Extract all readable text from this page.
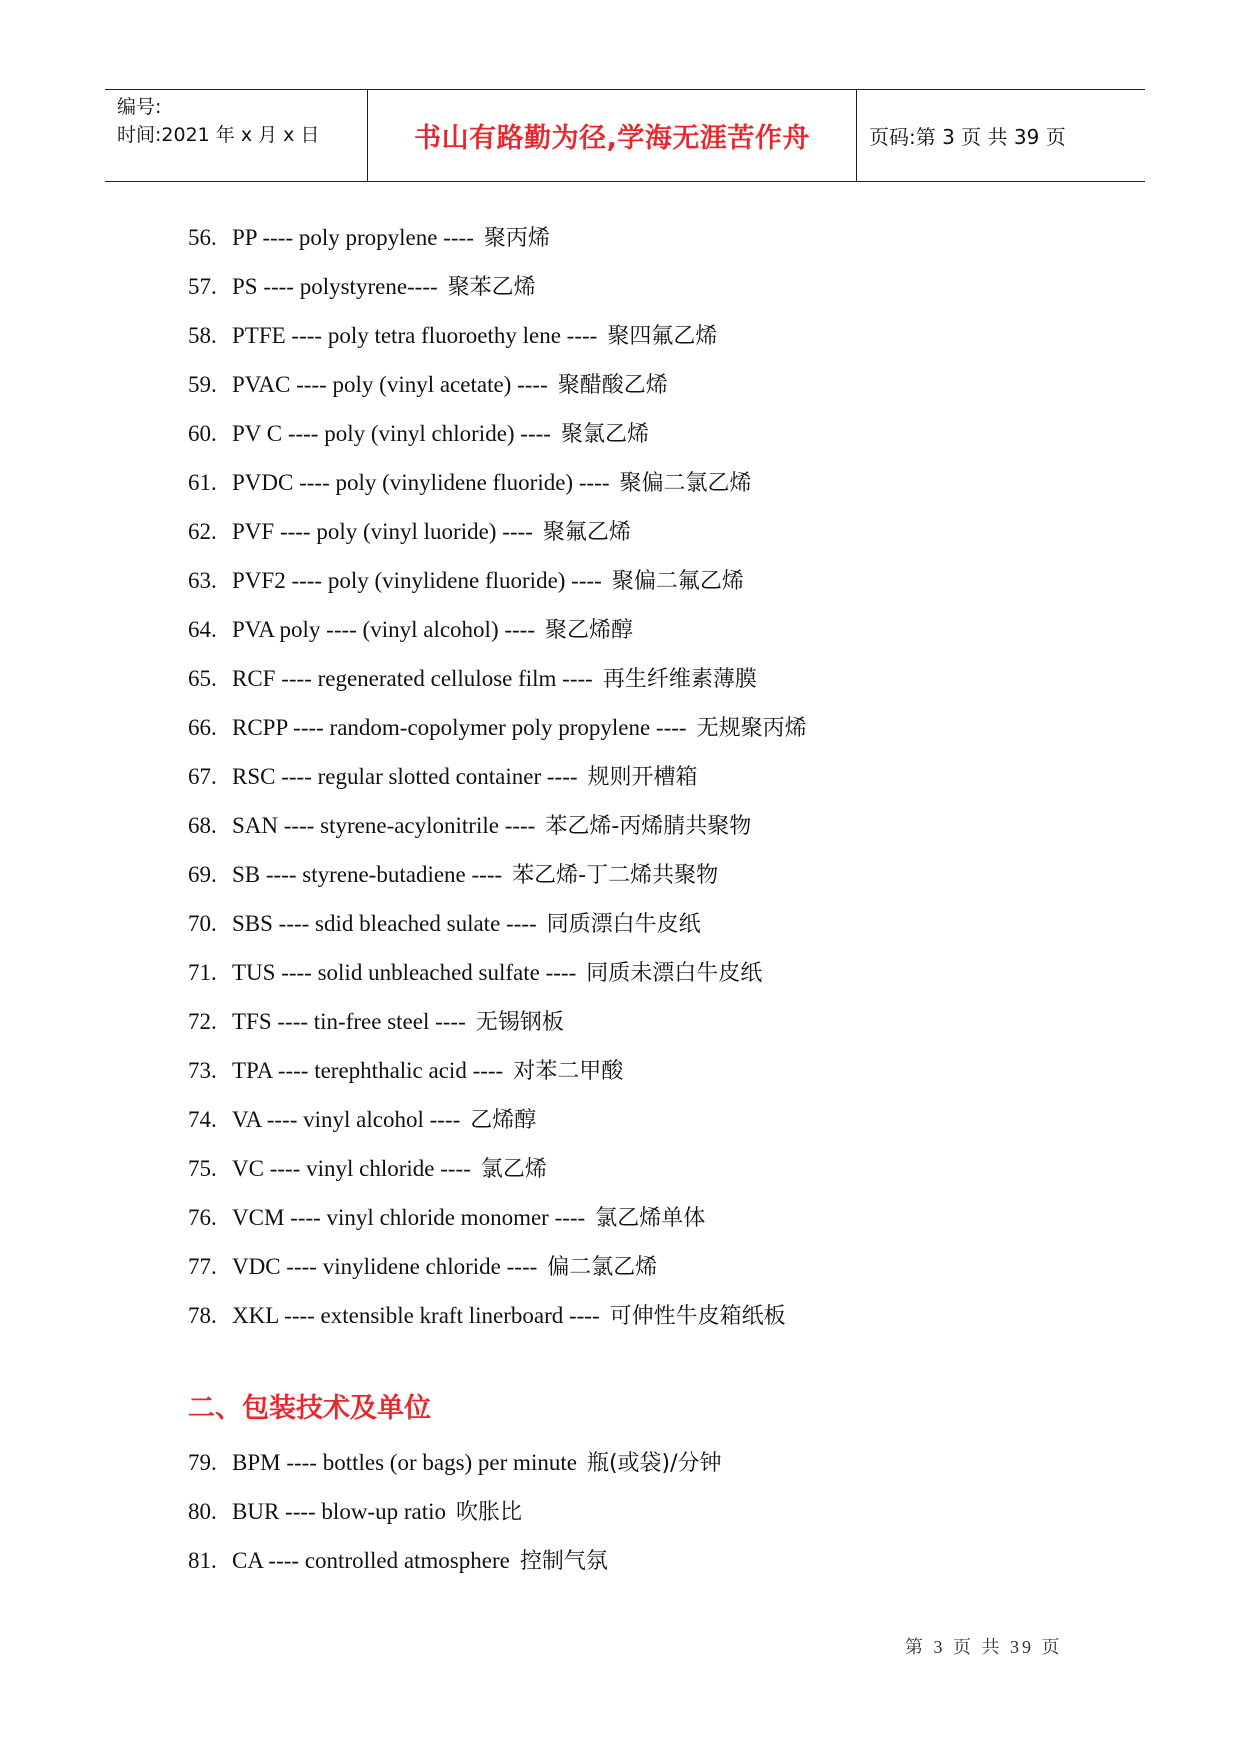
编号:
时间:2021 年 x 月 x 日	书山有路勤为径,学海无涯苦作舟	页码:第 3 页 共 39 页
56. PP ---- poly propylene ---- 聚丙烯
57. PS ---- polystyrene---- 聚苯乙烯
58. PTFE ---- poly tetra fluoroethy lene ---- 聚四氟乙烯
59. PVAC ---- poly (vinyl acetate) ---- 聚醋酸乙烯
60. PV C ---- poly (vinyl chloride) ---- 聚氯乙烯
61. PVDC ---- poly (vinylidene fluoride) ---- 聚偏二氯乙烯
62. PVF ---- poly (vinyl luoride) ---- 聚氟乙烯
63. PVF2 ---- poly (vinylidene fluoride) ---- 聚偏二氟乙烯
64. PVA poly ---- (vinyl alcohol) ---- 聚乙烯醇
65. RCF ---- regenerated cellulose film ---- 再生纤维素薄膜
66. RCPP ---- random-copolymer poly propylene ---- 无规聚丙烯
67. RSC ---- regular slotted container ---- 规则开槽箱
68. SAN ---- styrene-acylonitrile ---- 苯乙烯-丙烯腈共聚物
69. SB ---- styrene-butadiene ---- 苯乙烯-丁二烯共聚物
70. SBS ---- sdid bleached sulate ---- 同质漂白牛皮纸
71. TUS ---- solid unbleached sulfate ---- 同质未漂白牛皮纸
72. TFS ---- tin-free steel ---- 无锡钢板
73. TPA ---- terephthalic acid ---- 对苯二甲酸
74. VA ---- vinyl alcohol ---- 乙烯醇
75. VC ---- vinyl chloride ---- 氯乙烯
76. VCM ---- vinyl chloride monomer ---- 氯乙烯单体
77. VDC ---- vinylidene chloride ---- 偏二氯乙烯
78. XKL ---- extensible kraft linerboard ---- 可伸性牛皮箱纸板
二、包装技术及单位
79. BPM ---- bottles (or bags) per minute 瓶(或袋)/分钟
80. BUR ---- blow-up ratio 吹胀比
81. CA ---- controlled atmosphere 控制气氛
第 3 页 共 39 页
